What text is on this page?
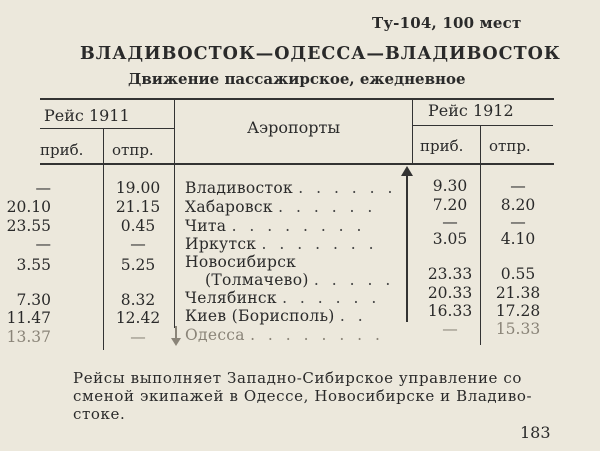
Ту-104, 100 мест
ВЛАДИВОСТОК—ОДЕССА—ВЛАДИВОСТОК
Движение пассажирское, ежедневное
Рейс 1911	Рейс 1912
Аэропорты
приб. отпр.	приб. отпр.
—	19.00	Владивосток . . . . . .	9.30	—
20.10	21.15	Хабаровск . . . . . .	7.20	8.20
23.55	0.45	Чита . . . . . . . .	—	—
—	—	Иркутск . . . . . . .	3.05	4.10
3.55	5.25	Новосибирск
(Толмачево) . . . . .	23.33	0.55
7.30	8.32	Челябинск . . . . . .	20.33	21.38
11.47	12.42	Киев (Борисполь) . .	16.33	17.28
13.37	—	Одесса . . . . . . . .	—	15.33
Рейсы выполняет Западно-Сибирское управление со
сменой экипажей в Одессе, Новосибирске и Владиво-
стоке.
183
